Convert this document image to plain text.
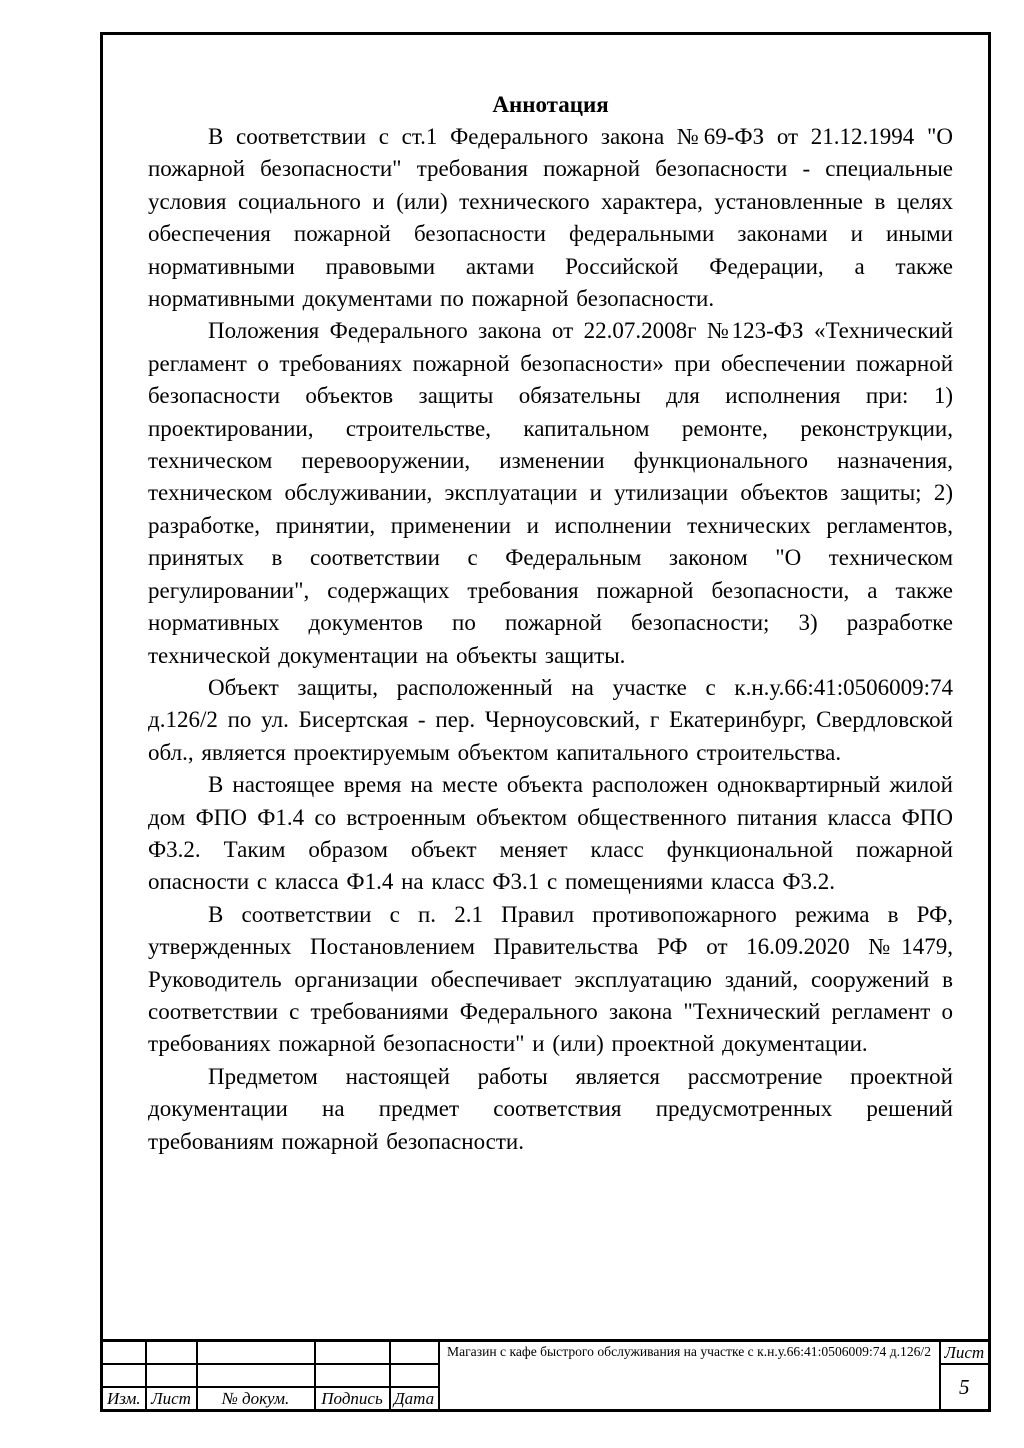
Аннотация

В соответствии с ст.1 Федерального закона №69-ФЗ от 21.12.1994 "О пожарной безопасности" требования пожарной безопасности - специальные условия социального и (или) технического характера, установленные в целях обеспечения пожарной безопасности федеральными законами и иными нормативными правовыми актами Российской Федерации, а также нормативными документами по пожарной безопасности.

Положения Федерального закона от 22.07.2008г №123-ФЗ «Технический регламент о требованиях пожарной безопасности» при обеспечении пожарной безопасности объектов защиты обязательны для исполнения при: 1) проектировании, строительстве, капитальном ремонте, реконструкции, техническом перевооружении, изменении функционального назначения, техническом обслуживании, эксплуатации и утилизации объектов защиты; 2) разработке, принятии, применении и исполнении технических регламентов, принятых в соответствии с Федеральным законом "О техническом регулировании", содержащих требования пожарной безопасности, а также нормативных документов по пожарной безопасности; 3) разработке технической документации на объекты защиты.

Объект защиты, расположенный на участке с к.н.у.66:41:0506009:74 д.126/2 по ул. Бисертская - пер. Черноусовский, г Екатеринбург, Свердловской обл., является проектируемым объектом капитального строительства.

В настоящее время на месте объекта расположен одноквартирный жилой дом ФПО Ф1.4 со встроенным объектом общественного питания класса ФПО Ф3.2. Таким образом объект меняет класс функциональной пожарной опасности с класса Ф1.4 на класс Ф3.1 с помещениями класса Ф3.2.

В соответствии с п. 2.1 Правил противопожарного режима в РФ, утвержденных Постановлением Правительства РФ от 16.09.2020 №1479, Руководитель организации обеспечивает эксплуатацию зданий, сооружений в соответствии с требованиями Федерального закона "Технический регламент о требованиях пожарной безопасности" и (или) проектной документации.

Предметом настоящей работы является рассмотрение проектной документации на предмет соответствия предусмотренных решений требованиям пожарной безопасности.

					Магазин с кафе быстрого обслуживания на участке с к.н.у.66:41:0506009:74 д.126/2	Лист
						5
Изм.	Лист	№ докум.	Подпись	Дата		
